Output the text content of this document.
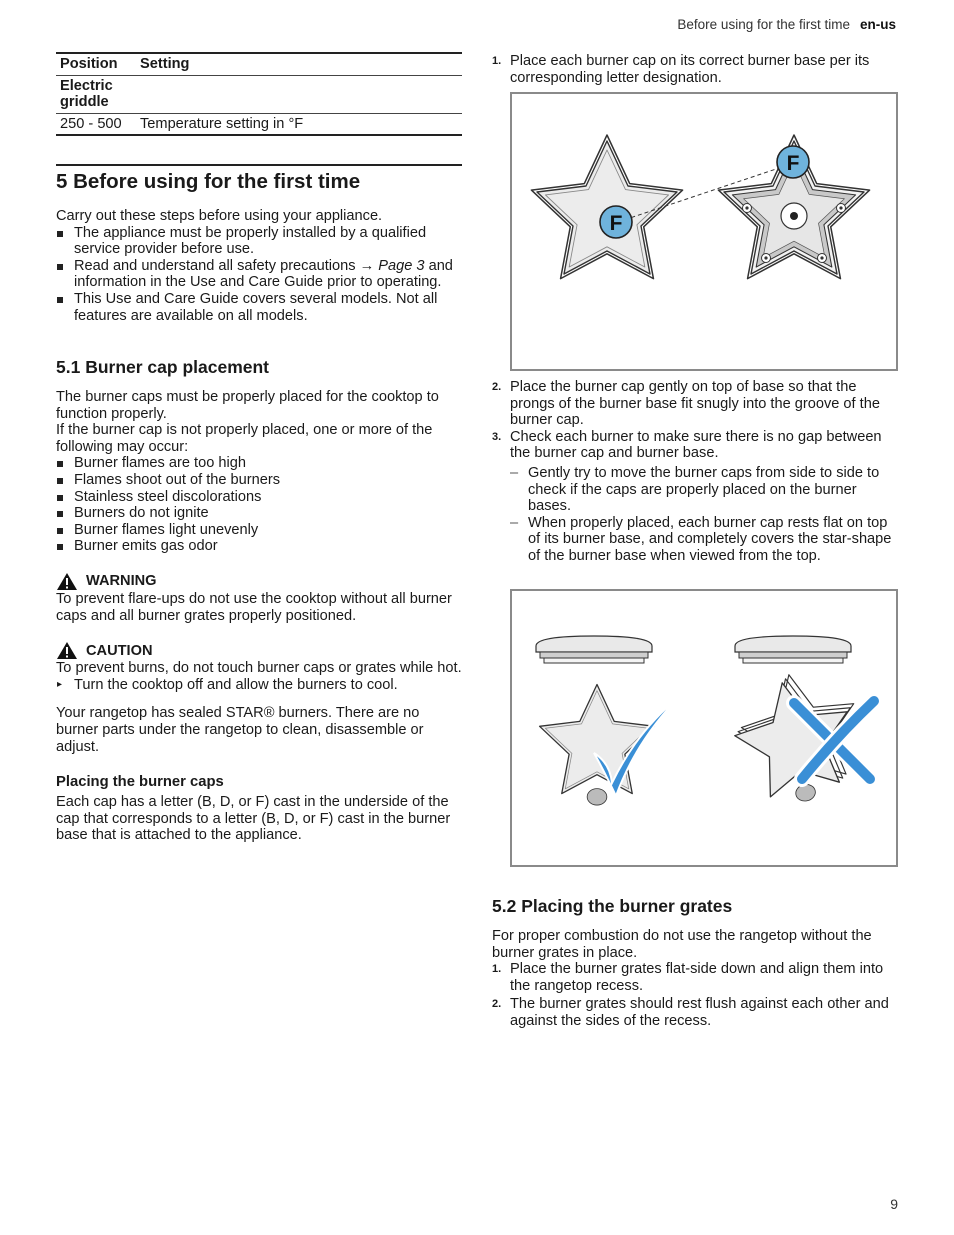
Before using for the first time en-us
Position	Setting
Electric griddle	
250 - 500	Temperature setting in °F
5 Before using for the first time

Carry out these steps before using your appliance.

The appliance must be properly installed by a qualified service provider before use.
Read and understand all safety precautions → Page 3 and information in the Use and Care Guide prior to operating.
This Use and Care Guide covers several models. Not all features are available on all models.
5.1 Burner cap placement

The burner caps must be properly placed for the cooktop to function properly.

If the burner cap is not properly placed, one or more of the following may occur:

Burner flames are too high
Flames shoot out of the burners
Stainless steel discolorations
Burners do not ignite
Burner flames light unevenly
Burner emits gas odor
WARNING

To prevent flare-ups do not use the cooktop without all burner caps and all burner grates properly positioned.

CAUTION

To prevent burns, do not touch burner caps or grates while hot.

▸ Turn the cooktop off and allow the burners to cool.

Your rangetop has sealed STAR® burners. There are no burner parts under the rangetop to clean, disassemble or adjust.

Placing the burner caps

Each cap has a letter (B, D, or F) cast in the underside of the cap that corresponds to a letter (B, D, or F) cast in the burner base that is attached to the appliance.

1. Place each burner cap on its correct burner base per its corresponding letter designation.
F
F
2. Place the burner cap gently on top of base so that the prongs of the burner base fit snugly into the groove of the burner cap.
3. Check each burner to make sure there is no gap between the burner cap and burner base.
– Gently try to move the burner caps from side to side to check if the caps are properly placed on the burner bases.
– When properly placed, each burner cap rests flat on top of its burner base, and completely covers the star-shape of the burner base when viewed from the top.
5.2 Placing the burner grates

For proper combustion do not use the rangetop without the burner grates in place.

1. Place the burner grates flat-side down and align them into the rangetop recess.
2. The burner grates should rest flush against each other and against the sides of the recess.
9
